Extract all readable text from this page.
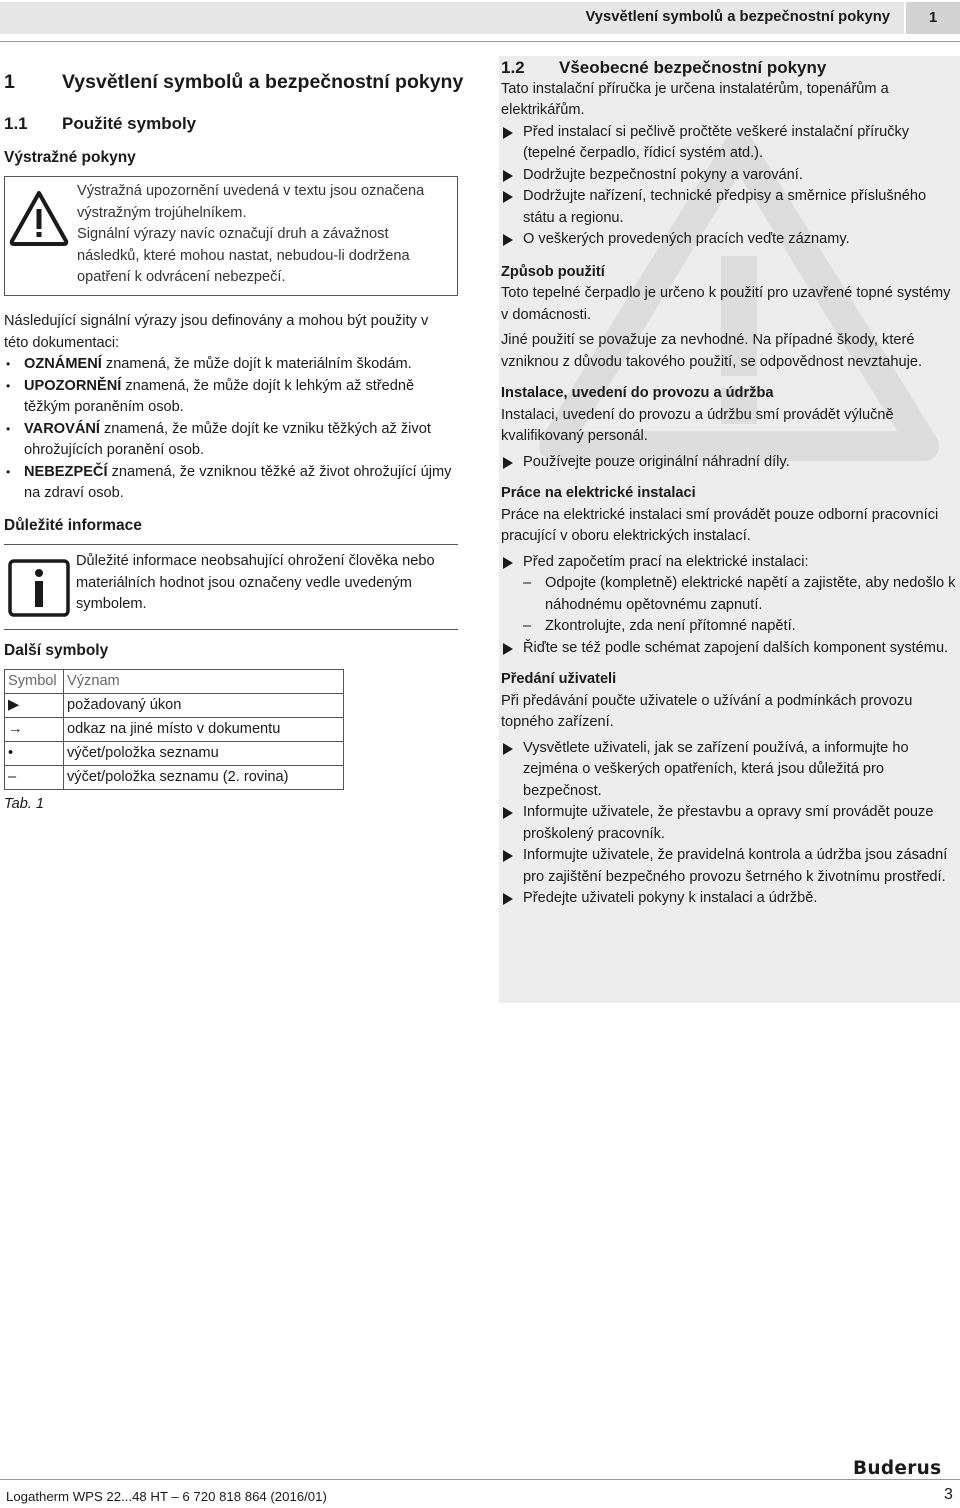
Vysvětlení symbolů a bezpečnostní pokyny	1
1 Vysvětlení symbolů a bezpečnostní pokyny
1.1 Použité symboly
Výstražné pokyny

Výstražná upozornění uvedená v textu jsou označena výstražným trojúhelníkem.

Signální výrazy navíc označují druh a závažnost následků, které mohou nastat, nebudou-li dodržena opatření k odvrácení nebezpečí.

Následující signální výrazy jsou definovány a mohou být použity v této dokumentaci:
• OZNÁMENÍ znamená, že může dojít k materiálním škodám.
• UPOZORNĚNÍ znamená, že může dojít k lehkým až středně těžkým poraněním osob.
• VAROVÁNÍ znamená, že může dojít ke vzniku těžkých až život ohrožujících poranění osob.
• NEBEZPEČÍ znamená, že vzniknou těžké až život ohrožující újmy na zdraví osob.
Důležité informace
Důležité informace neobsahující ohrožení člověka nebo materiálních hodnot jsou označeny vedle uvedeným symbolem.
Další symboly
Symbol	Význam
▶	požadovaný úkon
→	odkaz na jiné místo v dokumentu
•	výčet/položka seznamu
–	výčet/položka seznamu (2. rovina)
Tab. 1
1.2 Všeobecné bezpečnostní pokyny

Tato instalační příručka je určena instalatérům, topenářům a elektrikářům.

Před instalací si pečlivě pročtěte veškeré instalační příručky (tepelné čerpadlo, řídicí systém atd.).

Dodržujte bezpečnostní pokyny a varování.

Dodržujte nařízení, technické předpisy a směrnice příslušného státu a regionu.

O veškerých provedených pracích veďte záznamy.

Způsob použití

Toto tepelné čerpadlo je určeno k použití pro uzavřené topné systémy v domácnosti.

Jiné použití se považuje za nevhodné. Na případné škody, které vzniknou z důvodu takového použití, se odpovědnost nevztahuje.

Instalace, uvedení do provozu a údržba

Instalaci, uvedení do provozu a údržbu smí provádět výlučně kvalifikovaný personál.

Používejte pouze originální náhradní díly.

Práce na elektrické instalaci

Práce na elektrické instalaci smí provádět pouze odborní pracovníci pracující v oboru elektrických instalací.

Před započetím prací na elektrické instalaci:

– Odpojte (kompletně) elektrické napětí a zajistěte, aby nedošlo k náhodnému opětovnému zapnutí.

– Zkontrolujte, zda není přítomné napětí.

Řiďte se též podle schémat zapojení dalších komponent systému.

Předání uživateli

Při předávání poučte uživatele o užívání a podmínkách provozu topného zařízení.

Vysvětlete uživateli, jak se zařízení používá, a informujte ho zejména o veškerých opatřeních, která jsou důležitá pro bezpečnost.

Informujte uživatele, že přestavbu a opravy smí provádět pouze proškolený pracovník.

Informujte uživatele, že pravidelná kontrola a údržba jsou zásadní pro zajištění bezpečného provozu šetrného k životnímu prostředí.

Předejte uživateli pokyny k instalaci a údržbě.

Buderus
Logatherm WPS 22...48 HT – 6 720 818 864 (2016/01)	3
